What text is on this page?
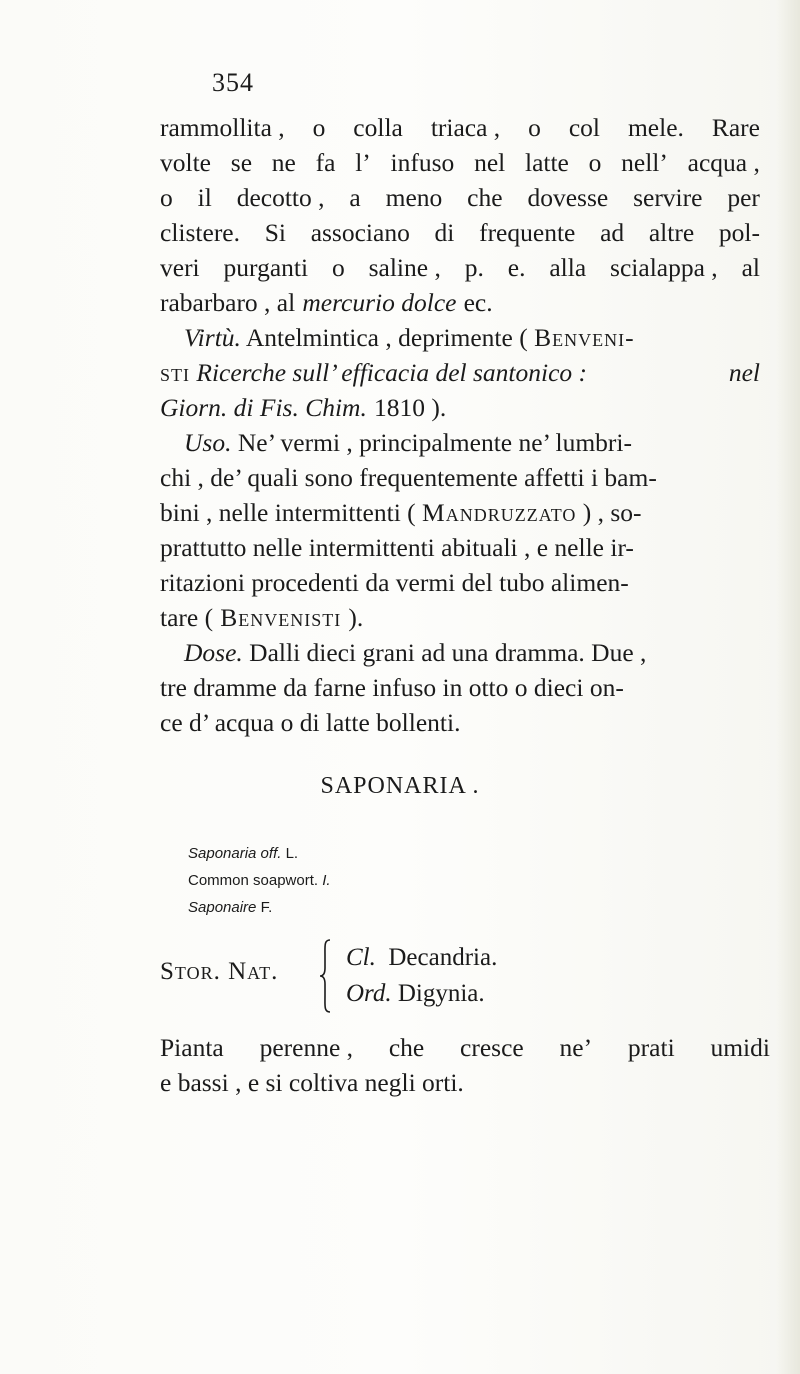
354
rammollita , o colla triaca , o col mele. Rare
volte se ne fa l’ infuso nel latte o nell’ acqua ,
o il decotto , a meno che dovesse servire per
clistere. Si associano di frequente ad altre pol-
veri purganti o saline , p. e. alla scialappa , al
rabarbaro , al mercurio dolce ec.
Virtù. Antelmintica , deprimente ( Benveni-
sti Ricerche sull’ efficacia del santonico :	nel
Giorn. di Fis. Chim. 1810 ).
Uso. Ne’ vermi , principalmente ne’ lumbri-
chi , de’ quali sono frequentemente affetti i bam-
bini , nelle intermittenti ( Mandruzzato ) , so-
prattutto nelle intermittenti abituali , e nelle ir-
ritazioni procedenti da vermi del tubo alimen-
tare ( Benvenisti ).
Dose. Dalli dieci grani ad una dramma. Due ,
tre dramme da farne infuso in otto o dieci on-
ce d’ acqua o di latte bollenti.
SAPONARIA .
Saponaria off. L.
Common soapwort. I.
Saponaire F.
Stor. Nat.
Cl. Decandria.
Ord. Digynia.
Pianta perenne , che cresce ne’ prati umidi
e bassi , e si coltiva negli orti.
